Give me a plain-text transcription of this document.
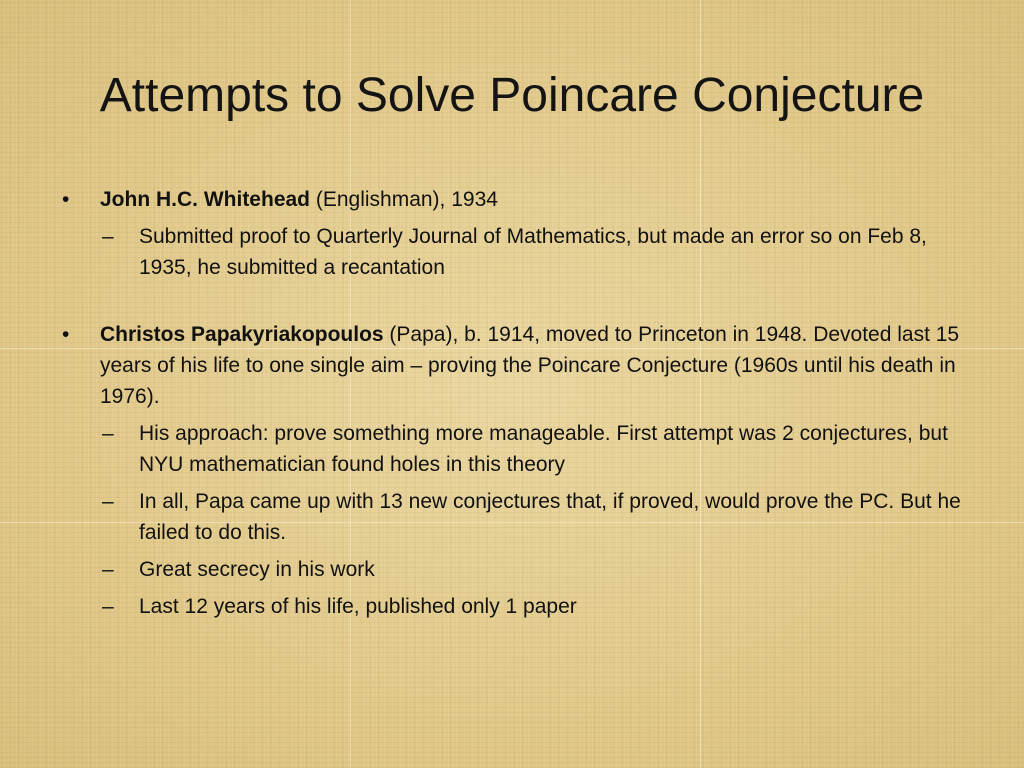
Attempts to Solve Poincare Conjecture
• John H.C. Whitehead (Englishman), 1934
– Submitted proof to Quarterly Journal of Mathematics, but made an error so on Feb 8, 1935, he submitted a recantation
• Christos Papakyriakopoulos (Papa), b. 1914, moved to Princeton in 1948. Devoted last 15 years of his life to one single aim – proving the Poincare Conjecture (1960s until his death in 1976).
– His approach: prove something more manageable. First attempt was 2 conjectures, but NYU mathematician found holes in this theory
– In all, Papa came up with 13 new conjectures that, if proved, would prove the PC. But he failed to do this.
– Great secrecy in his work
– Last 12 years of his life, published only 1 paper
